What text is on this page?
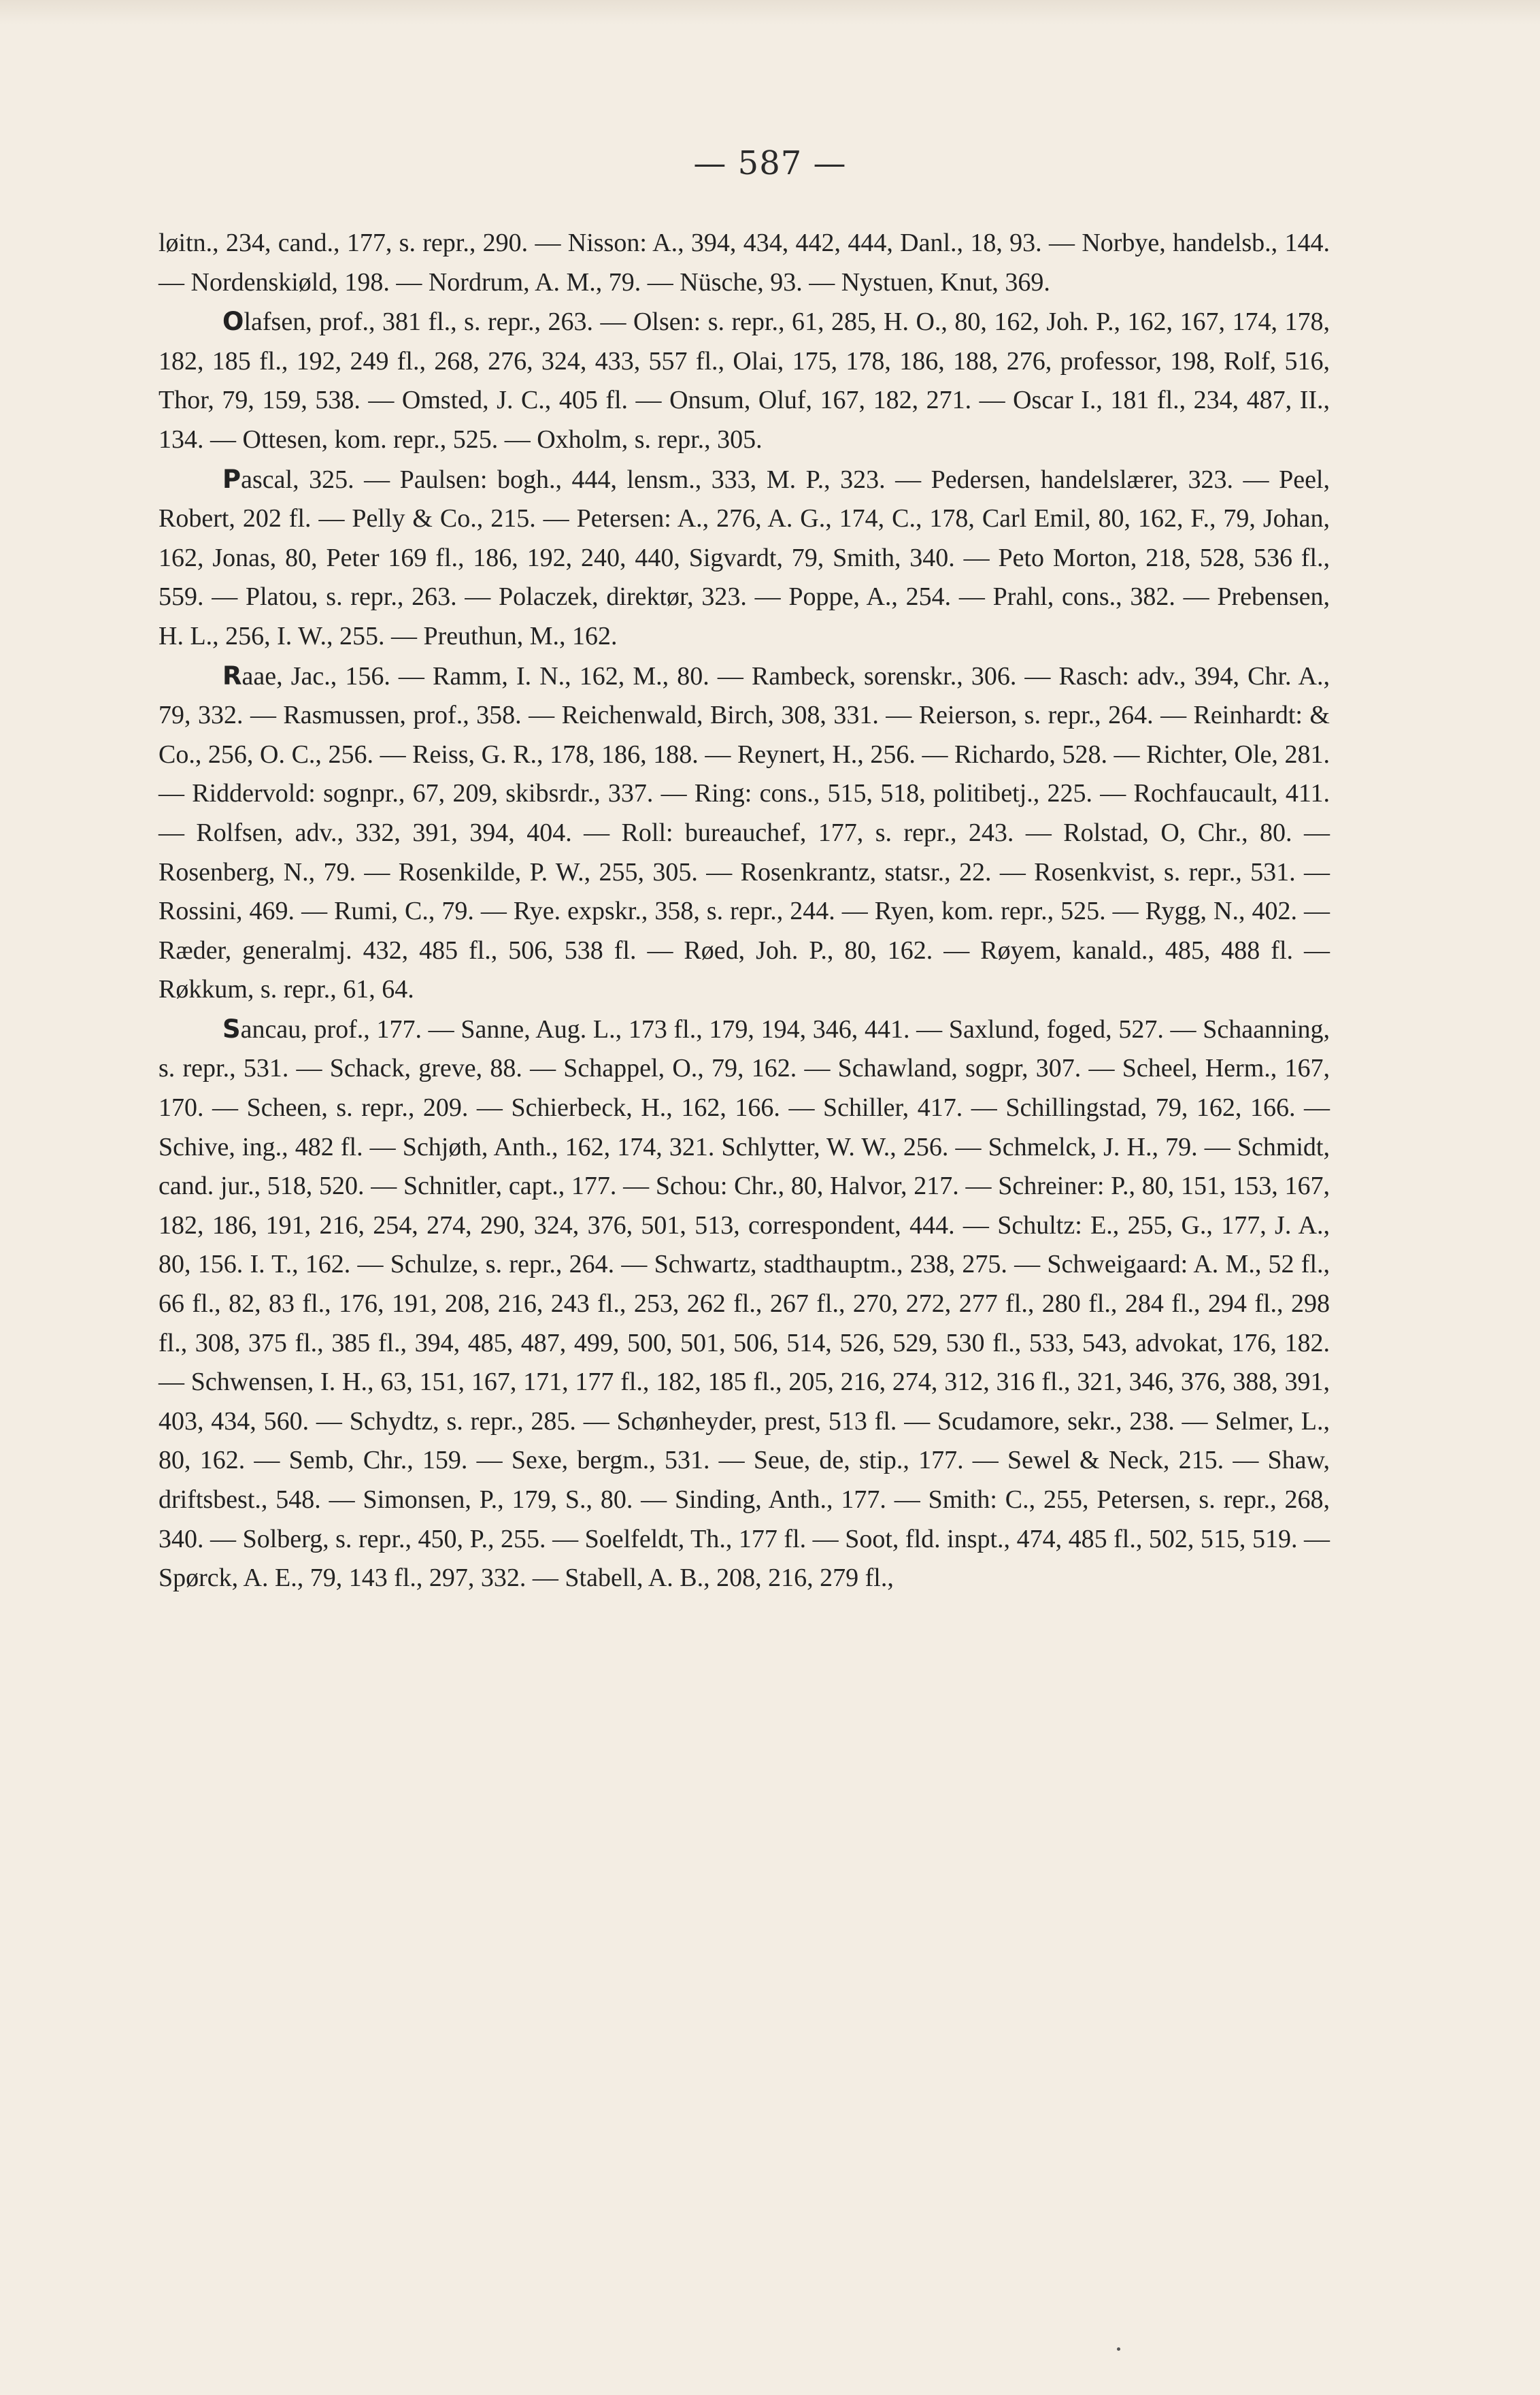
— 587 —

løitn., 234, cand., 177, s. repr., 290. — Nisson: A., 394, 434, 442, 444, Danl., 18, 93. — Norbye, handelsb., 144. — Nordenskiøld, 198. — Nordrum, A. M., 79. — Nüsche, 93. — Nystuen, Knut, 369.

Olafsen, prof., 381 fl., s. repr., 263. — Olsen: s. repr., 61, 285, H. O., 80, 162, Joh. P., 162, 167, 174, 178, 182, 185 fl., 192, 249 fl., 268, 276, 324, 433, 557 fl., Olai, 175, 178, 186, 188, 276, professor, 198, Rolf, 516, Thor, 79, 159, 538. — Omsted, J. C., 405 fl. — Onsum, Oluf, 167, 182, 271. — Oscar I., 181 fl., 234, 487, II., 134. — Ottesen, kom. repr., 525. — Oxholm, s. repr., 305.

Pascal, 325. — Paulsen: bogh., 444, lensm., 333, M. P., 323. — Pedersen, handelslærer, 323. — Peel, Robert, 202 fl. — Pelly & Co., 215. — Petersen: A., 276, A. G., 174, C., 178, Carl Emil, 80, 162, F., 79, Johan, 162, Jonas, 80, Peter 169 fl., 186, 192, 240, 440, Sigvardt, 79, Smith, 340. — Peto Morton, 218, 528, 536 fl., 559. — Platou, s. repr., 263. — Polaczek, direktør, 323. — Poppe, A., 254. — Prahl, cons., 382. — Prebensen, H. L., 256, I. W., 255. — Preuthun, M., 162.

Raae, Jac., 156. — Ramm, I. N., 162, M., 80. — Rambeck, sorenskr., 306. — Rasch: adv., 394, Chr. A., 79, 332. — Rasmussen, prof., 358. — Reichenwald, Birch, 308, 331. — Reierson, s. repr., 264. — Reinhardt: & Co., 256, O. C., 256. — Reiss, G. R., 178, 186, 188. — Reynert, H., 256. — Richardo, 528. — Richter, Ole, 281. — Riddervold: sognpr., 67, 209, skibsrdr., 337. — Ring: cons., 515, 518, politibetj., 225. — Rochfaucault, 411. — Rolfsen, adv., 332, 391, 394, 404. — Roll: bureauchef, 177, s. repr., 243. — Rolstad, O, Chr., 80. — Rosenberg, N., 79. — Rosenkilde, P. W., 255, 305. — Rosenkrantz, statsr., 22. — Rosenkvist, s. repr., 531. — Rossini, 469. — Rumi, C., 79. — Rye. expskr., 358, s. repr., 244. — Ryen, kom. repr., 525. — Rygg, N., 402. — Ræder, generalmj. 432, 485 fl., 506, 538 fl. — Røed, Joh. P., 80, 162. — Røyem, kanald., 485, 488 fl. — Røkkum, s. repr., 61, 64.

Sancau, prof., 177. — Sanne, Aug. L., 173 fl., 179, 194, 346, 441. — Saxlund, foged, 527. — Schaanning, s. repr., 531. — Schack, greve, 88. — Schappel, O., 79, 162. — Schawland, sogpr, 307. — Scheel, Herm., 167, 170. — Scheen, s. repr., 209. — Schierbeck, H., 162, 166. — Schiller, 417. — Schillingstad, 79, 162, 166. — Schive, ing., 482 fl. — Schjøth, Anth., 162, 174, 321. Schlytter, W. W., 256. — Schmelck, J. H., 79. — Schmidt, cand. jur., 518, 520. — Schnitler, capt., 177. — Schou: Chr., 80, Halvor, 217. — Schreiner: P., 80, 151, 153, 167, 182, 186, 191, 216, 254, 274, 290, 324, 376, 501, 513, correspondent, 444. — Schultz: E., 255, G., 177, J. A., 80, 156. I. T., 162. — Schulze, s. repr., 264. — Schwartz, stadthauptm., 238, 275. — Schweigaard: A. M., 52 fl., 66 fl., 82, 83 fl., 176, 191, 208, 216, 243 fl., 253, 262 fl., 267 fl., 270, 272, 277 fl., 280 fl., 284 fl., 294 fl., 298 fl., 308, 375 fl., 385 fl., 394, 485, 487, 499, 500, 501, 506, 514, 526, 529, 530 fl., 533, 543, advokat, 176, 182. — Schwensen, I. H., 63, 151, 167, 171, 177 fl., 182, 185 fl., 205, 216, 274, 312, 316 fl., 321, 346, 376, 388, 391, 403, 434, 560. — Schydtz, s. repr., 285. — Schønheyder, prest, 513 fl. — Scudamore, sekr., 238. — Selmer, L., 80, 162. — Semb, Chr., 159. — Sexe, bergm., 531. — Seue, de, stip., 177. — Sewel & Neck, 215. — Shaw, driftsbest., 548. — Simonsen, P., 179, S., 80. — Sinding, Anth., 177. — Smith: C., 255, Petersen, s. repr., 268, 340. — Solberg, s. repr., 450, P., 255. — Soelfeldt, Th., 177 fl. — Soot, fld. inspt., 474, 485 fl., 502, 515, 519. — Spørck, A. E., 79, 143 fl., 297, 332. — Stabell, A. B., 208, 216, 279 fl.,
